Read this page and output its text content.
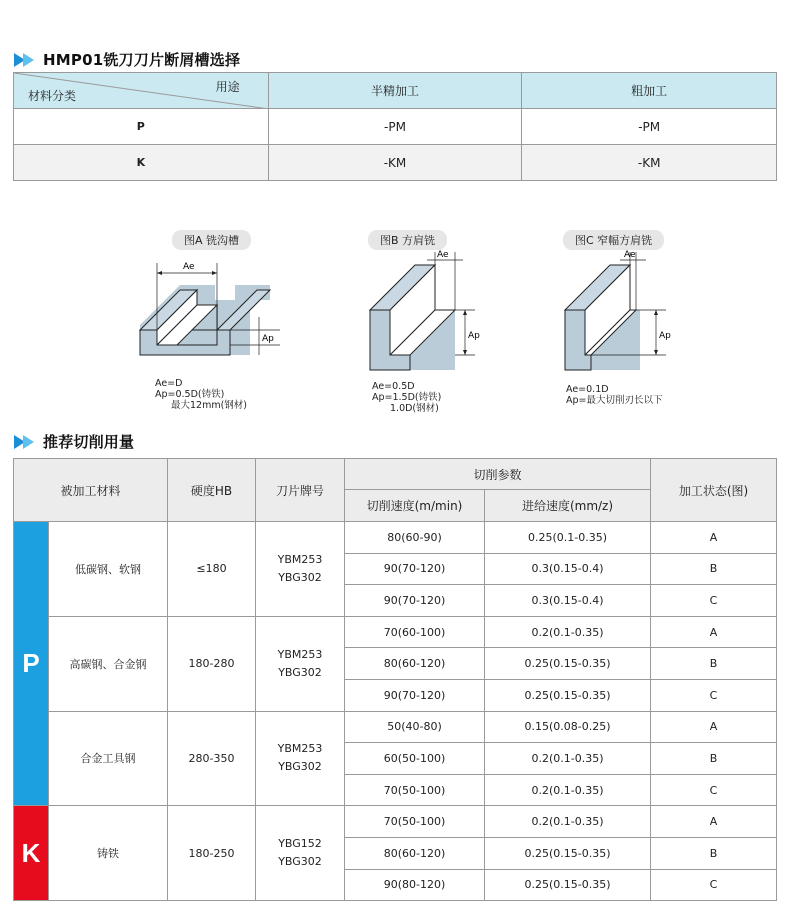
HMP01铣刀刀片断屑槽选择
用途
材料分类	半精加工	粗加工
P	-PM	-PM
K	-KM	-KM
图A 铣沟槽
Ae
Ap
Ae=D
Ap=0.5D(铸铁)
最大12mm(钢材)
图B 方肩铣
Ae
Ap
Ae=0.5D
Ap=1.5D(铸铁)
1.0D(钢材)
图C 窄幅方肩铣
Ae
Ap
Ae=0.1D
Ap=最大切削刃长以下
推荐切削用量
被加工材料		硬度HB	刀片牌号	切削参数		加工状态(图)
				切削速度(m/min)	进给速度(mm/z)	
P	低碳钢、软钢	≤180	YBM253
YBG302	80(60-90)	0.25(0.1-0.35)	A
				90(70-120)	0.3(0.15-0.4)	B
				90(70-120)	0.3(0.15-0.4)	C
	高碳钢、合金钢	180-280	YBM253
YBG302	70(60-100)	0.2(0.1-0.35)	A
				80(60-120)	0.25(0.15-0.35)	B
				90(70-120)	0.25(0.15-0.35)	C
	合金工具钢	280-350	YBM253
YBG302	50(40-80)	0.15(0.08-0.25)	A
				60(50-100)	0.2(0.1-0.35)	B
				70(50-100)	0.2(0.1-0.35)	C
K	铸铁	180-250	YBG152
YBG302	70(50-100)	0.2(0.1-0.35)	A
				80(60-120)	0.25(0.15-0.35)	B
				90(80-120)	0.25(0.15-0.35)	C
